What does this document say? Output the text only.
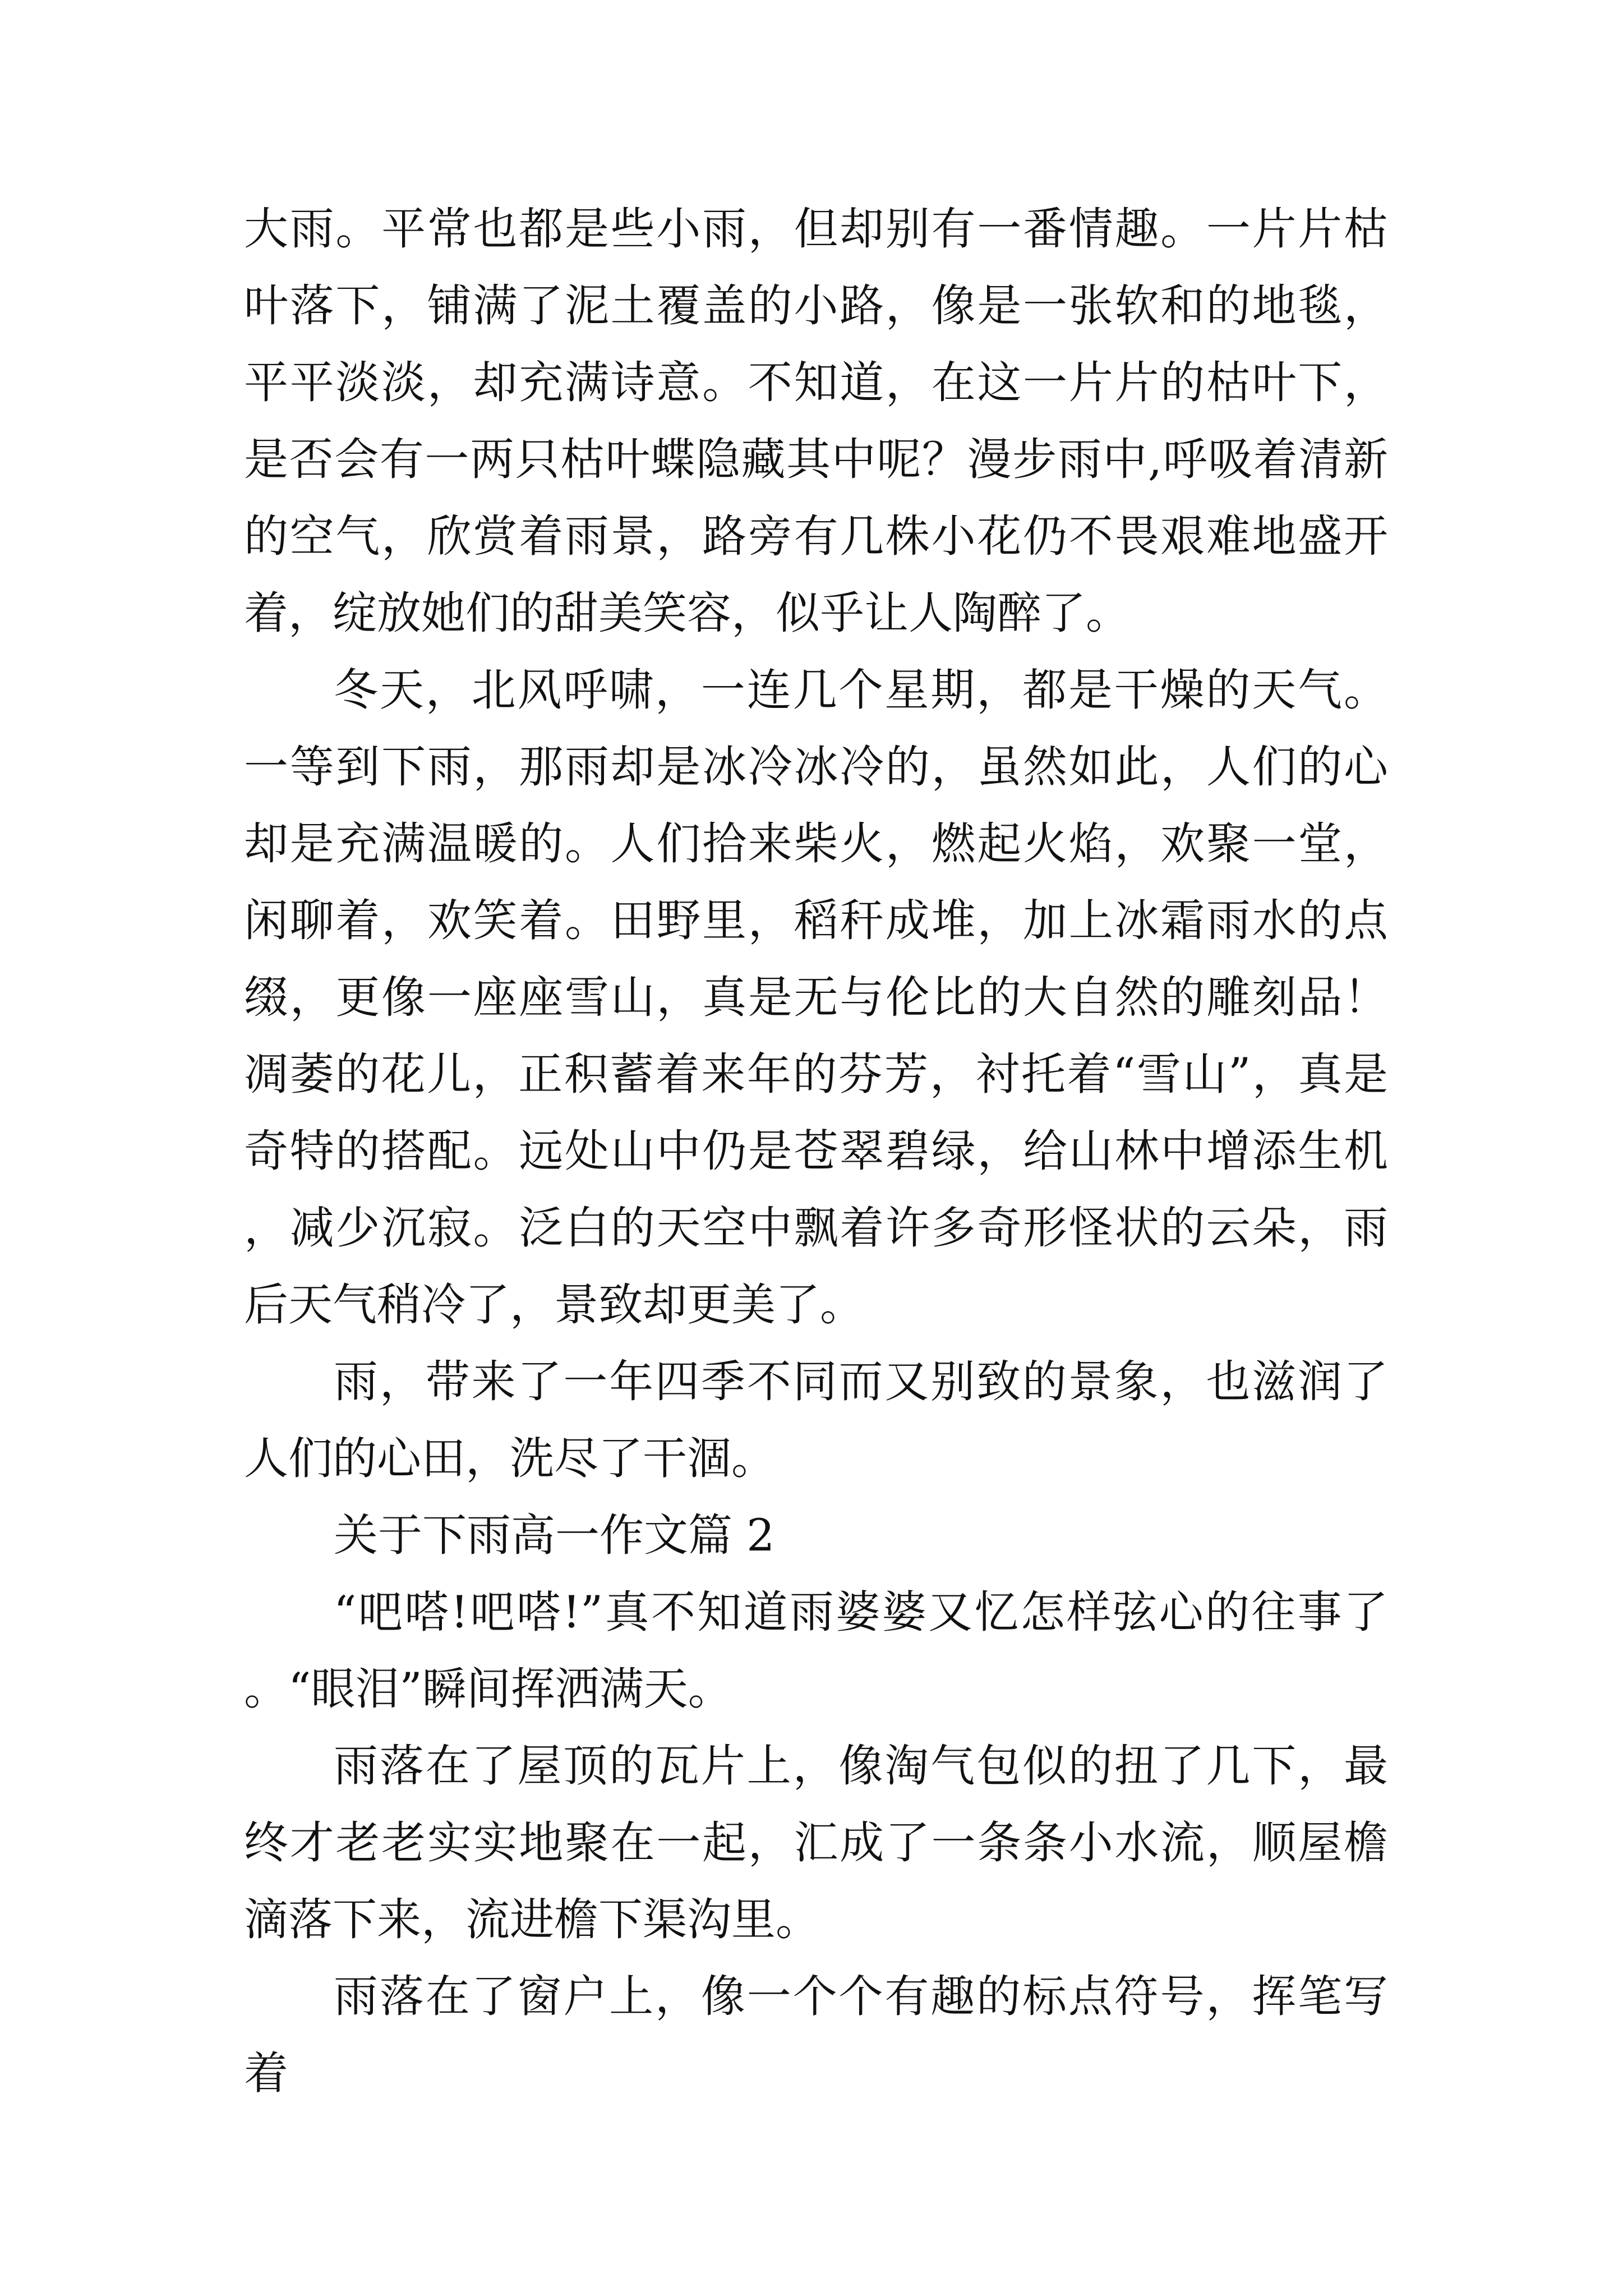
大雨。平常也都是些小雨，但却别有一番情趣。一片片枯叶落下，铺满了泥土覆盖的小路，像是一张软和的地毯，平平淡淡，却充满诗意。不知道，在这一片片的枯叶下，是否会有一两只枯叶蝶隐藏其中呢？漫步雨中,呼吸着清新的空气，欣赏着雨景，路旁有几株小花仍不畏艰难地盛开着，绽放她们的甜美笑容，似乎让人陶醉了。

冬天，北风呼啸，一连几个星期，都是干燥的天气。一等到下雨，那雨却是冰冷冰冷的，虽然如此，人们的心却是充满温暖的。人们拾来柴火，燃起火焰，欢聚一堂，闲聊着，欢笑着。田野里，稻秆成堆，加上冰霜雨水的点缀，更像一座座雪山，真是无与伦比的大自然的雕刻品！凋萎的花儿，正积蓄着来年的芬芳，衬托着“雪山”，真是奇特的搭配。远处山中仍是苍翠碧绿，给山林中增添生机，减少沉寂。泛白的天空中飘着许多奇形怪状的云朵，雨后天气稍冷了，景致却更美了。

雨，带来了一年四季不同而又别致的景象，也滋润了人们的心田，洗尽了干涸。

关于下雨高一作文篇 2

“吧嗒!吧嗒!”真不知道雨婆婆又忆怎样弦心的往事了。“眼泪”瞬间挥洒满天。

雨落在了屋顶的瓦片上，像淘气包似的扭了几下，最终才老老实实地聚在一起，汇成了一条条小水流，顺屋檐滴落下来，流进檐下渠沟里。

雨落在了窗户上，像一个个有趣的标点符号，挥笔写着
